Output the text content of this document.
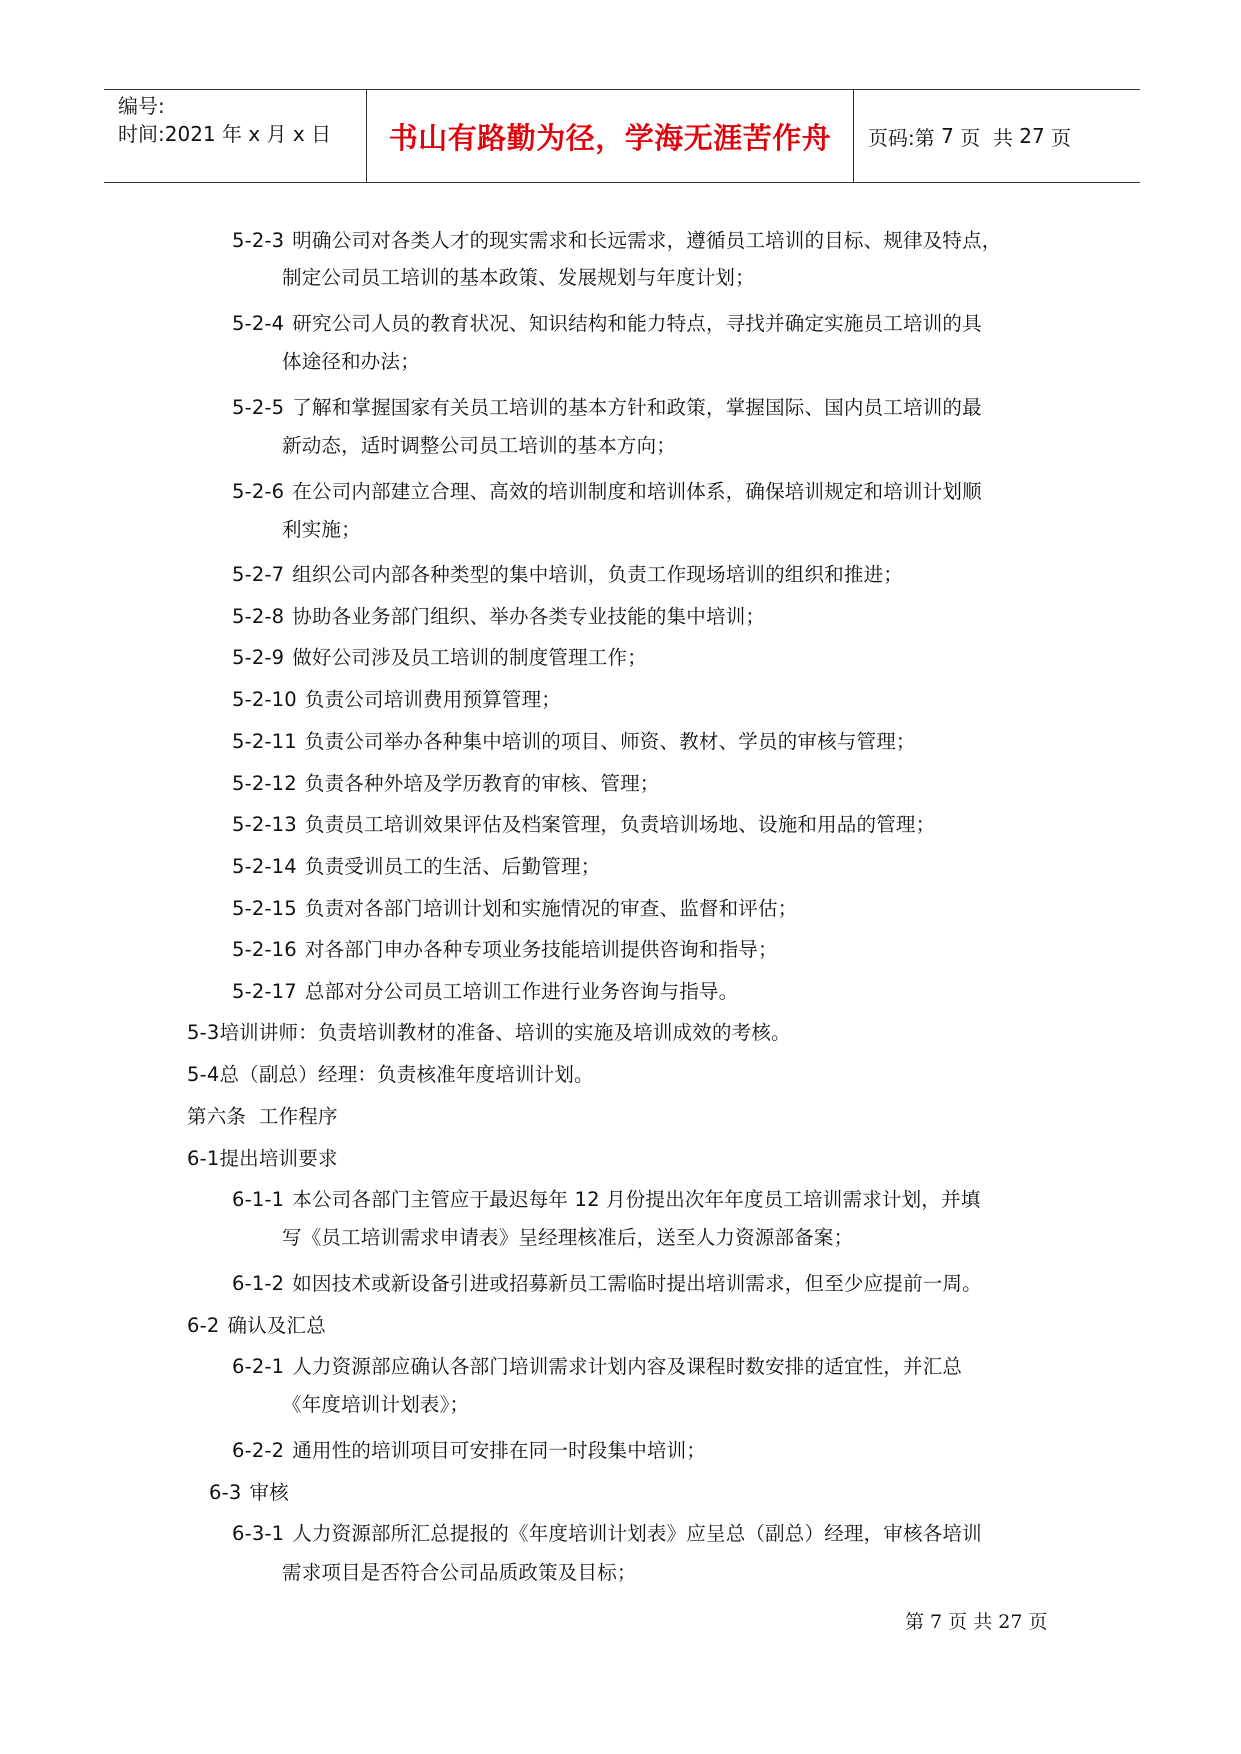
编号:
时间:2021 年 x 月 x 日	书山有路勤为径，学海无涯苦作舟	页码: 第
7
页
共
27
页
5-2-3 明确公司对各类人才的现实需求和长远需求，遵循员工培训的目标、规律及特点，
制定公司员工培训的基本政策、发展规划与年度计划；
5-2-4 研究公司人员的教育状况、知识结构和能力特点，寻找并确定实施员工培训的具
体途径和办法；
5-2-5 了解和掌握国家有关员工培训的基本方针和政策，掌握国际、国内员工培训的最
新动态，适时调整公司员工培训的基本方向；
5-2-6 在公司内部建立合理、高效的培训制度和培训体系，确保培训规定和培训计划顺
利实施；
5-2-7 组织公司内部各种类型的集中培训，负责工作现场培训的组织和推进；
5-2-8 协助各业务部门组织、举办各类专业技能的集中培训；
5-2-9 做好公司涉及员工培训的制度管理工作；
5-2-10 负责公司培训费用预算管理；
5-2-11 负责公司举办各种集中培训的项目、师资、教材、学员的审核与管理；
5-2-12 负责各种外培及学历教育的审核、管理；
5-2-13 负责员工培训效果评估及档案管理，负责培训场地、设施和用品的管理；
5-2-14 负责受训员工的生活、后勤管理；
5-2-15 负责对各部门培训计划和实施情况的审查、监督和评估；
5-2-16 对各部门申办各种专项业务技能培训提供咨询和指导；
5-2-17 总部对分公司员工培训工作进行业务咨询与指导。
5-3培训讲师：负责培训教材的准备、培训的实施及培训成效的考核。
5-4总（副总）经理：负责核准年度培训计划。
第六条  工作程序
6-1提出培训要求
6-1-1 本公司各部门主管应于最迟每年 12 月份提出次年年度员工培训需求计划，并填
写《员工培训需求申请表》呈经理核准后，送至人力资源部备案；
6-1-2 如因技术或新设备引进或招募新员工需临时提出培训需求，但至少应提前一周。
6-2 确认及汇总
6-2-1 人力资源部应确认各部门培训需求计划内容及课程时数安排的适宜性，并汇总
《年度培训计划表》；
6-2-2 通用性的培训项目可安排在同一时段集中培训；
6-3 审核
6-3-1 人力资源部所汇总提报的《年度培训计划表》应呈总（副总）经理，审核各培训
需求项目是否符合公司品质政策及目标；
第 7 页 共 27 页
